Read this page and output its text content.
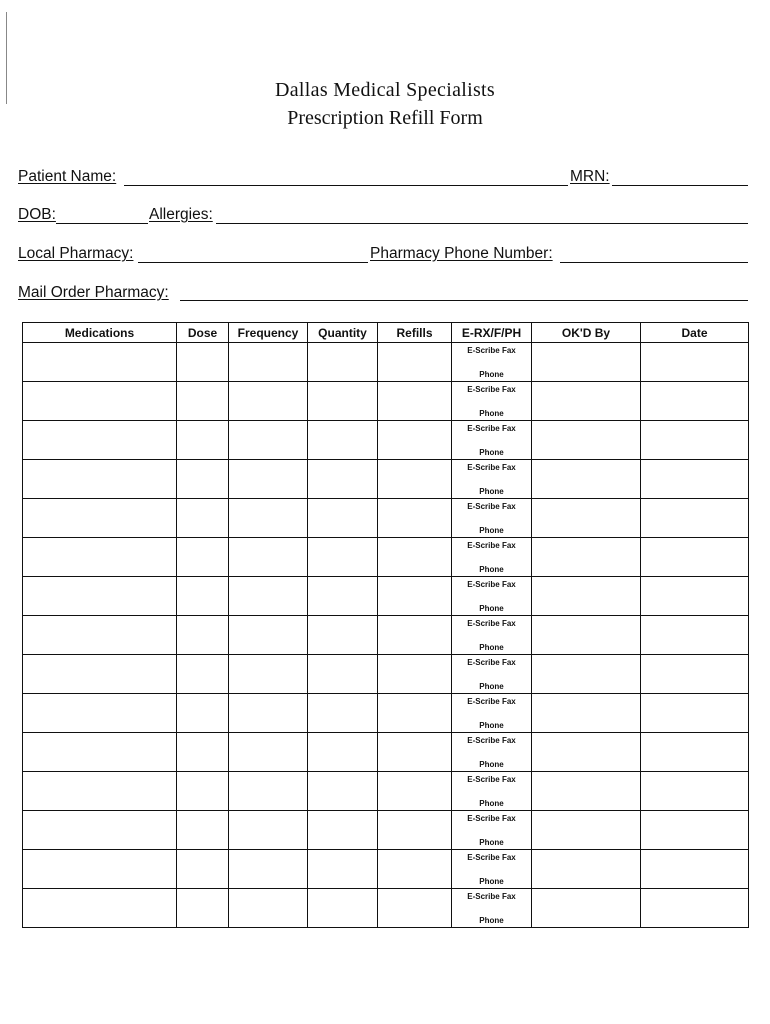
Dallas Medical Specialists
Prescription Refill Form
Patient Name:	MRN:
DOB:	Allergies:
Local Pharmacy:	Pharmacy Phone Number:
Mail Order Pharmacy:
Medications	Dose	Frequency	Quantity	Refills	E-RX/F/PH	OK'D By	Date

					E-Scribe Fax
Phone		

					E-Scribe Fax
Phone		

					E-Scribe Fax
Phone		

					E-Scribe Fax
Phone		

					E-Scribe Fax
Phone		

					E-Scribe Fax
Phone		

					E-Scribe Fax
Phone		

					E-Scribe Fax
Phone		

					E-Scribe Fax
Phone		

					E-Scribe Fax
Phone		

					E-Scribe Fax
Phone		

					E-Scribe Fax
Phone		

					E-Scribe Fax
Phone		

					E-Scribe Fax
Phone		

					E-Scribe Fax
Phone		
